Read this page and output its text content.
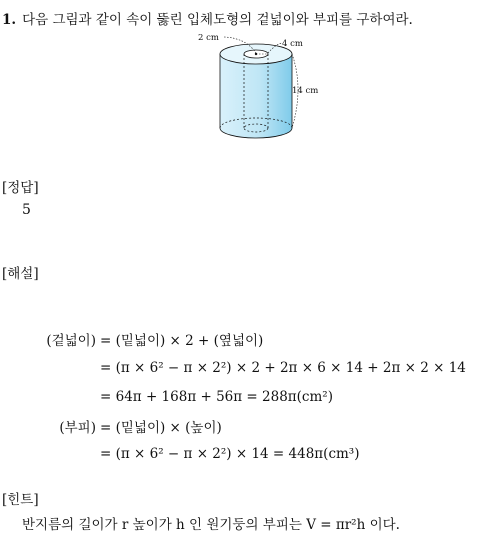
1. 다음 그림과 같이 속이 뚫린 입체도형의 겉넓이와 부피를 구하여라.
2 cm
4 cm
14 cm
[정답]
5
[해설]
(겉넓이) = (밑넓이) × 2 + (옆넓이)
= (π × 6² − π × 2²) × 2 + 2π × 6 × 14 + 2π × 2 × 14
= 64π + 168π + 56π = 288π(cm²)
(부피) = (밑넓이) × (높이)
= (π × 6² − π × 2²) × 14 = 448π(cm³)
[힌트]
반지름의 길이가 r 높이가 h 인 원기둥의 부피는 V = πr²h 이다.
